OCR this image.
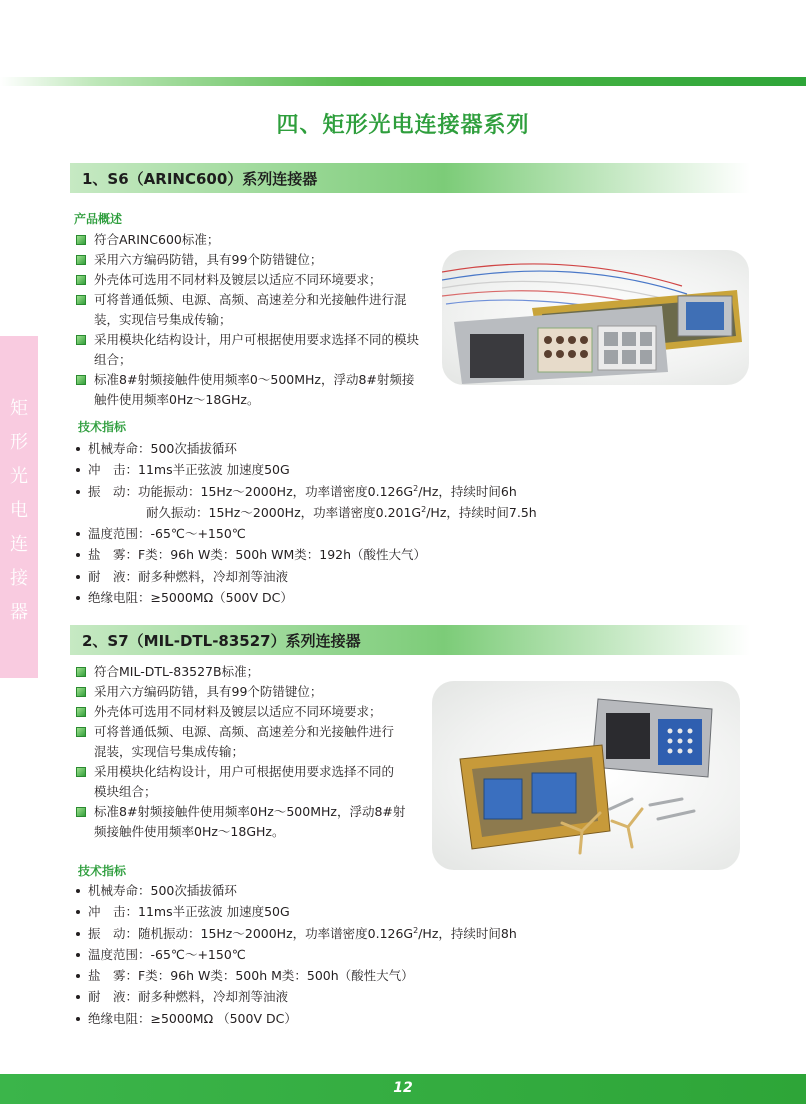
四、矩形光电连接器系列
矩
形
光
电
连
接
器
1、S6（ARINC600）系列连接器
产品概述
符合ARINC600标准；
采用六方编码防错，具有99个防错键位；
外壳体可选用不同材料及镀层以适应不同环境要求；
可将普通低频、电源、高频、高速差分和光接触件进行混装，实现信号集成传输；
采用模块化结构设计，用户可根据使用要求选择不同的模块组合；
标准8#射频接触件使用频率0～500MHz，浮动8#射频接触件使用频率0Hz～18GHz。
技术指标
机械寿命：500次插拔循环
冲　击：11ms半正弦波 加速度50G
振　动：功能振动：15Hz～2000Hz，功率谱密度$0.126G^2/Hz$，持续时间6h
耐久振动：15Hz～2000Hz，功率谱密度$0.201G^2/Hz$，持续时间7.5h
温度范围：-65℃～+150℃
盐　雾：F类：96h W类：500h WM类：192h（酸性大气）
耐　液：耐多种燃料，冷却剂等油液
绝缘电阻：≥5000MΩ（500V DC）
2、S7（MIL-DTL-83527）系列连接器
符合MIL-DTL-83527B标准；
采用六方编码防错，具有99个防错键位；
外壳体可选用不同材料及镀层以适应不同环境要求；
可将普通低频、电源、高频、高速差分和光接触件进行混装，实现信号集成传输；
采用模块化结构设计，用户可根据使用要求选择不同的模块组合；
标准8#射频接触件使用频率0Hz～500MHz，浮动8#射频接触件使用频率0Hz～18GHz。
技术指标
机械寿命：500次插拔循环
冲　击：11ms半正弦波 加速度50G
振　动：随机振动：15Hz～2000Hz，功率谱密度$0.126G^2/Hz$，持续时间8h
温度范围：-65℃～+150℃
盐　雾：F类：96h W类：500h M类：500h（酸性大气）
耐　液：耐多种燃料，冷却剂等油液
绝缘电阻：≥5000MΩ （500V DC）
12
